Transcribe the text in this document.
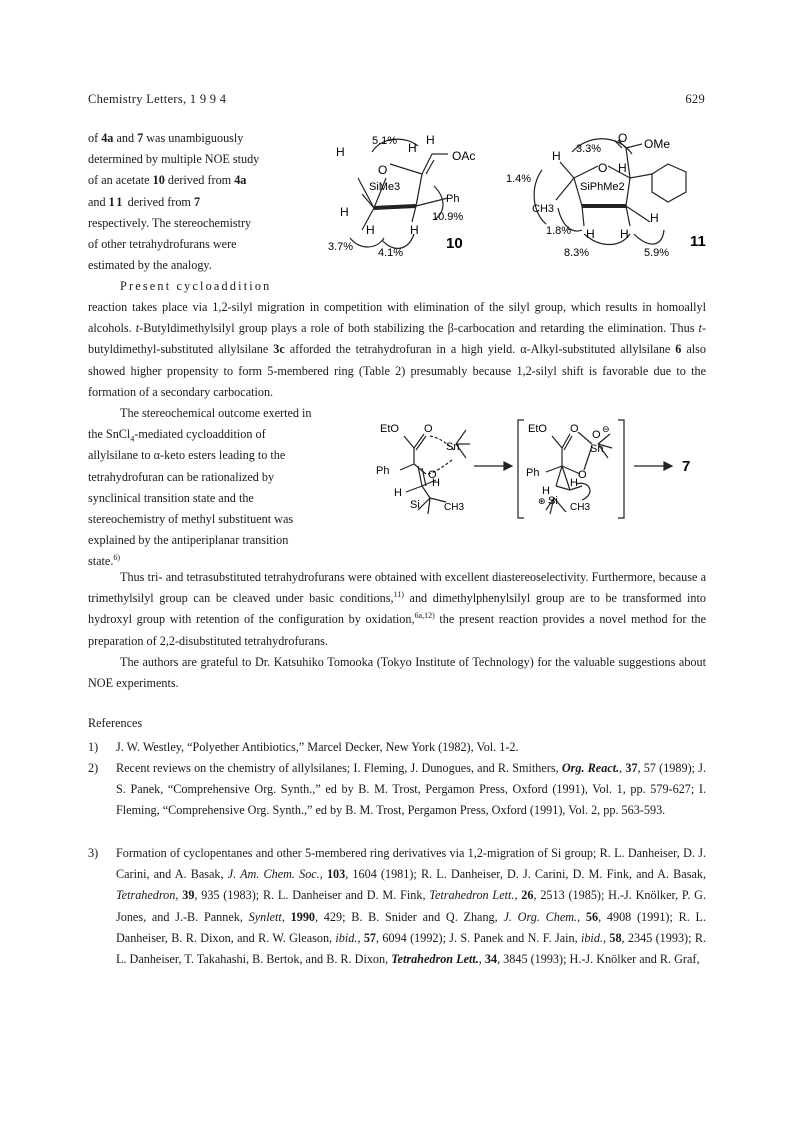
Chemistry Letters, 1 9 9 4	629
of 4a and 7 was unambiguously
determined by multiple NOE study
of an acetate 10 derived from 4a
and 11 derived from 7
respectively. The stereochemistry
of other tetrahydrofurans were
estimated by the analogy.
H
O
SiMe3
OAc
Ph
H
H	H
H
H
5.1%
10.9%
3.7% 4.1%
10
H
O H
O OMe
SiPhMe2
CH3
H H
H
3.3%
1.4%
1.8%
8.3%	5.9%
11
Present cycloaddition
reaction takes place via 1,2-silyl migration in competition with elimination of the silyl group, which results in homoallyl alcohols. t-Butyldimethylsilyl group plays a role of both stabilizing the β-carbocation and retarding the elimination. Thus t-butyldimethyl-substituted allylsilane 3c afforded the tetrahydrofuran in a high yield. α-Alkyl-substituted allylsilane 6 also showed higher propensity to form 5-membered ring (Table 2) presumably because 1,2-silyl shift is favorable due to the formation of a secondary carbocation.
The stereochemical outcome exerted in
the SnCl$_4$-mediated cycloaddition of
allylsilane to α-keto esters leading to the
tetrahydrofuran can be rationalized by
synclinical transition state and the
stereochemistry of methyl substituent was
explained by the antiperiplanar transition
state.$^{6)}$
EtO O
Sn
O
Ph
H
H
Si CH3
EtO O O ⊖
Sn
O
Ph
H
H
⊕ Si
CH3
7
Thus tri- and tetrasubstituted tetrahydrofurans were obtained with excellent diastereoselectivity. Furthermore, because a trimethylsilyl group can be cleaved under basic conditions,$^{11)}$ and dimethylphenylsilyl group are to be transformed into hydroxyl group with retention of the configuration by oxidation,$^{6a,12)}$ the present reaction provides a novel method for the preparation of 2,2-disubstituted tetrahydrofurans.
The authors are grateful to Dr. Katsuhiko Tomooka (Tokyo Institute of Technology) for the valuable suggestions about NOE experiments.
References
1) J. W. Westley, “Polyether Antibiotics,” Marcel Decker, New York (1982), Vol. 1-2.
2) Recent reviews on the chemistry of allylsilanes; I. Fleming, J. Dunogues, and R. Smithers, Org. React., 37, 57 (1989); J. S. Panek, “Comprehensive Org. Synth.,” ed by B. M. Trost, Pergamon Press, Oxford (1991), Vol. 1, pp. 579-627; I. Fleming, “Comprehensive Org. Synth.,” ed by B. M. Trost, Pergamon Press, Oxford (1991), Vol. 2, pp. 563-593.
3) Formation of cyclopentanes and other 5-membered ring derivatives via 1,2-migration of Si group; R. L. Danheiser, D. J. Carini, and A. Basak, J. Am. Chem. Soc., 103, 1604 (1981); R. L. Danheiser, D. J. Carini, D. M. Fink, and A. Basak, Tetrahedron, 39, 935 (1983); R. L. Danheiser and D. M. Fink, Tetrahedron Lett., 26, 2513 (1985); H.-J. Knölker, P. G. Jones, and J.-B. Pannek, Synlett, 1990, 429; B. B. Snider and Q. Zhang, J. Org. Chem., 56, 4908 (1991); R. L. Danheiser, B. R. Dixon, and R. W. Gleason, ibid., 57, 6094 (1992); J. S. Panek and N. F. Jain, ibid., 58, 2345 (1993); R. L. Danheiser, T. Takahashi, B. Bertok, and B. R. Dixon, Tetrahedron Lett., 34, 3845 (1993); H.-J. Knölker and R. Graf,
